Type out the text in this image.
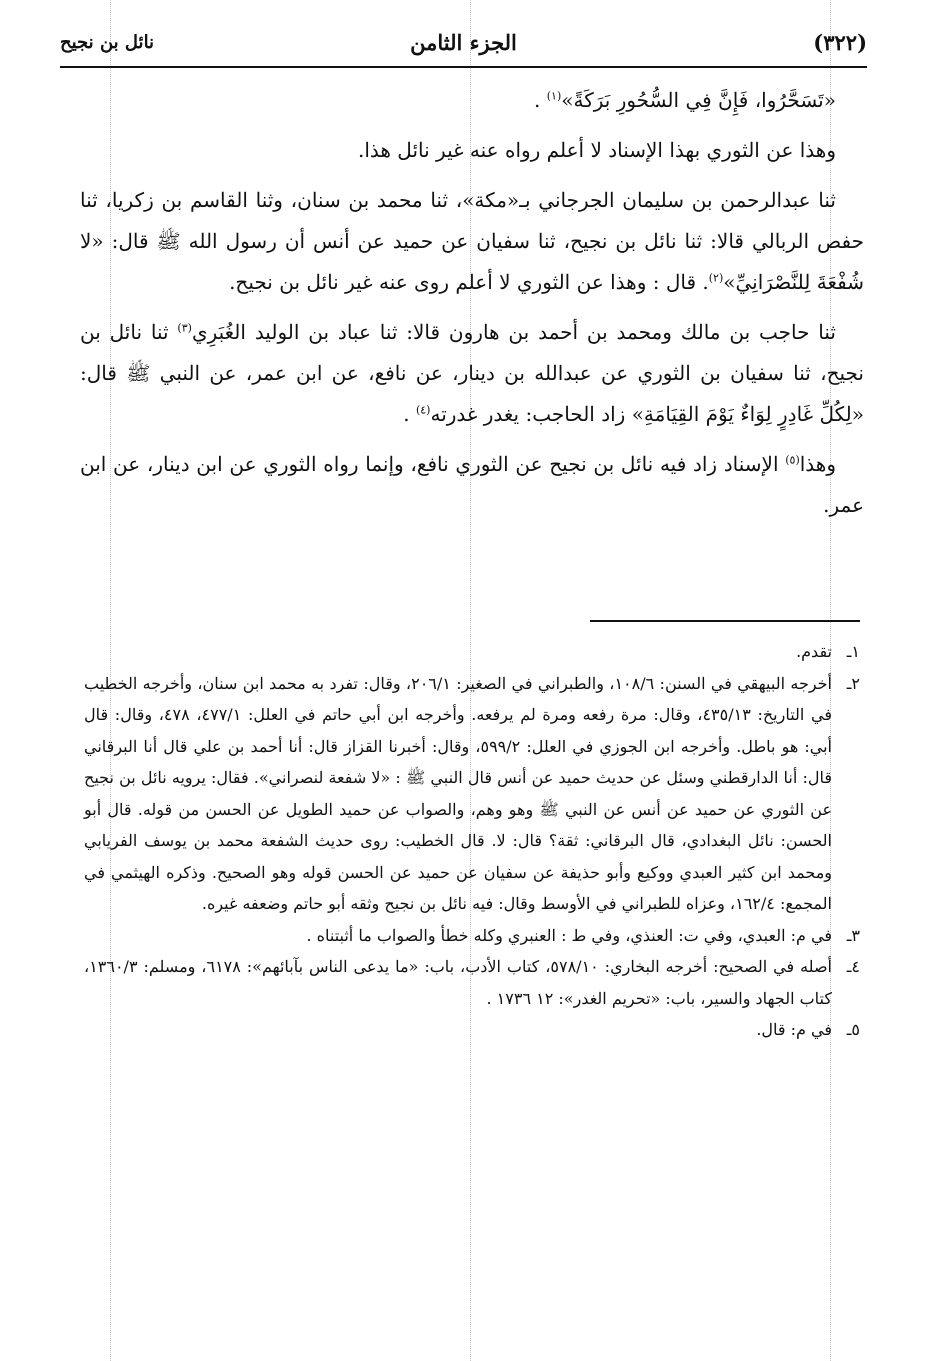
(٣٢٢)
الجزء الثامن
نائل بن نجيح

«تَسَحَّرُوا، فَإِنَّ فِي السُّحُورِ بَرَكَةً»$^{(١)}$ .

وهذا عن الثوري بهذا الإسناد لا أعلم رواه عنه غير نائل هذا.

ثنا عبدالرحمن بن سليمان الجرجاني بـ«مكة»، ثنا محمد بن سنان، وثنا القاسم بن زكريا، ثنا حفص الربالي قالا: ثنا نائل بن نجيح، ثنا سفيان عن حميد عن أنس أن رسول الله ﷺ قال: «لا شُفْعَةَ لِلنَّصْرَانِيِّ»$^{(٢)}$. قال : وهذا عن الثوري لا أعلم روى عنه غير نائل بن نجيح.

ثنا حاجب بن مالك ومحمد بن أحمد بن هارون قالا: ثنا عباد بن الوليد الغُبَرِي$^{(٣)}$ ثنا نائل بن نجيح، ثنا سفيان بن الثوري عن عبدالله بن دينار، عن نافع، عن ابن عمر، عن النبي ﷺ قال: «لِكُلِّ غَادِرٍ لِوَاءٌ يَوْمَ القِيَامَةِ» زاد الحاجب: يغدر غدرته$^{(٤)}$ .

وهذا$^{(٥)}$ الإسناد زاد فيه نائل بن نجيح عن الثوري نافع، وإنما رواه الثوري عن ابن دينار، عن ابن عمر.

١ـ
تقدم.
٢ـ
أخرجه البيهقي في السنن: ١٠٨/٦، والطبراني في الصغير: ٢٠٦/١، وقال: تفرد به محمد ابن سنان، وأخرجه الخطيب في التاريخ: ٤٣٥/١٣، وقال: مرة رفعه ومرة لم يرفعه. وأخرجه ابن أبي حاتم في العلل: ٤٧٧/١، ٤٧٨، وقال: قال أبي: هو باطل. وأخرجه ابن الجوزي في العلل: ٥٩٩/٢، وقال: أخبرنا القزاز قال: أنا أحمد بن علي قال أنا البرقاني قال: أنا الدارقطني وسئل عن حديث حميد عن أنس قال النبي ﷺ : «لا شفعة لنصراني». فقال: يرويه نائل بن نجيح عن الثوري عن حميد عن أنس عن النبي ﷺ وهو وهم، والصواب عن حميد الطويل عن الحسن من قوله. قال أبو الحسن: نائل البغدادي، قال البرقاني: ثقة؟ قال: لا. قال الخطيب: روى حديث الشفعة محمد بن يوسف الفريابي ومحمد ابن كثير العبدي ووكيع وأبو حذيفة عن سفيان عن حميد عن الحسن قوله وهو الصحيح. وذكره الهيثمي في المجمع: ١٦٢/٤، وعزاه للطبراني في الأوسط وقال: فيه نائل بن نجيح وثقه أبو حاتم وضعفه غيره.
٣ـ
في م: العبدي، وفي ت: العنذي، وفي ط : العنبري وكله خطأ والصواب ما أثبتناه .
٤ـ
أصله في الصحيح: أخرجه البخاري: ٥٧٨/١٠، كتاب الأدب، باب: «ما يدعى الناس بآبائهم»: ٦١٧٨، ومسلم: ١٣٦٠/٣، كتاب الجهاد والسير، باب: «تحريم الغدر»: ١٢ ١٧٣٦ .
٥ـ
في م: قال.
